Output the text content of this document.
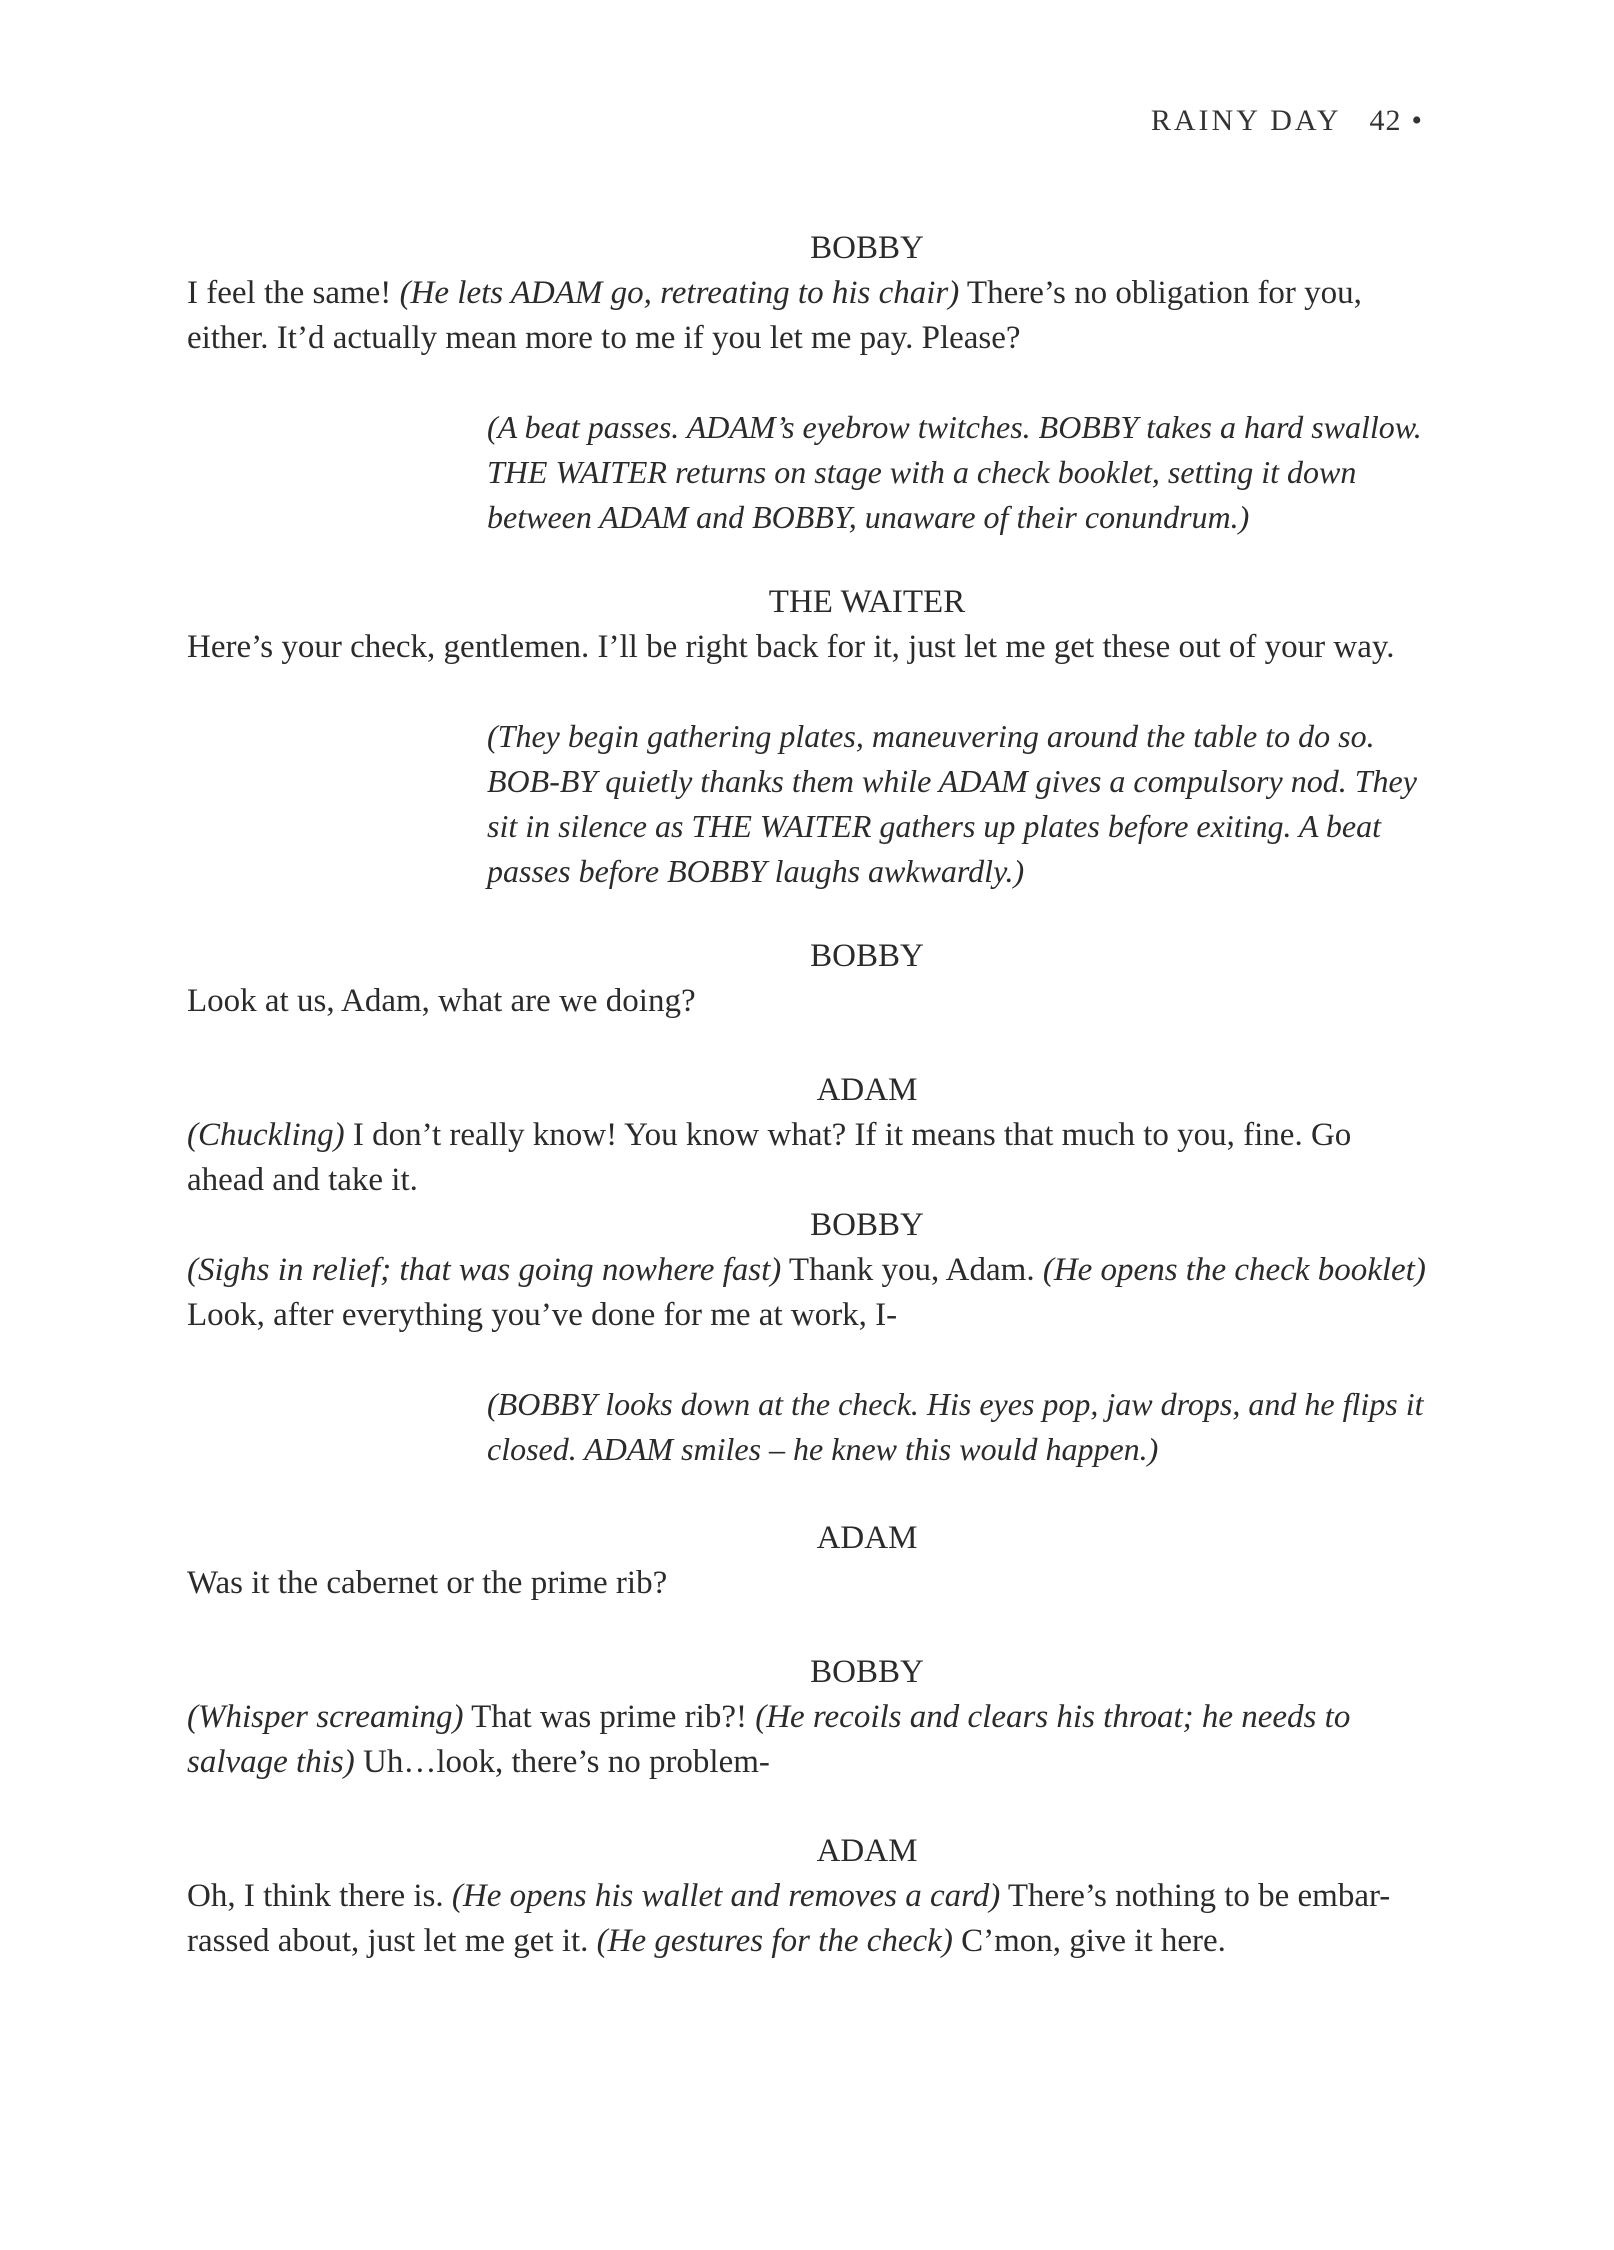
RAINY DAY 42 •

BOBBY

I feel the same! (He lets ADAM go, retreating to his chair) There’s no obligation for you, either. It’d actually mean more to me if you let me pay. Please?

(A beat passes. ADAM’s eyebrow twitches. BOBBY takes a hard swallow. THE WAITER returns on stage with a check booklet, setting it down between ADAM and BOBBY, unaware of their conundrum.)

THE WAITER

Here’s your check, gentlemen. I’ll be right back for it, just let me get these out of your way.

(They begin gathering plates, maneuvering around the table to do so. BOB-BY quietly thanks them while ADAM gives a compulsory nod. They sit in silence as THE WAITER gathers up plates before exiting. A beat passes before BOBBY laughs awkwardly.)

BOBBY

Look at us, Adam, what are we doing?

ADAM

(Chuckling) I don’t really know! You know what? If it means that much to you, fine. Go ahead and take it.

BOBBY

(Sighs in relief; that was going nowhere fast) Thank you, Adam. (He opens the check booklet) Look, after everything you’ve done for me at work, I-

(BOBBY looks down at the check. His eyes pop, jaw drops, and he flips it closed. ADAM smiles – he knew this would happen.)

ADAM

Was it the cabernet or the prime rib?

BOBBY

(Whisper screaming) That was prime rib?! (He recoils and clears his throat; he needs to salvage this) Uh…look, there’s no problem-

ADAM

Oh, I think there is. (He opens his wallet and removes a card) There’s nothing to be embar-rassed about, just let me get it. (He gestures for the check) C’mon, give it here.
